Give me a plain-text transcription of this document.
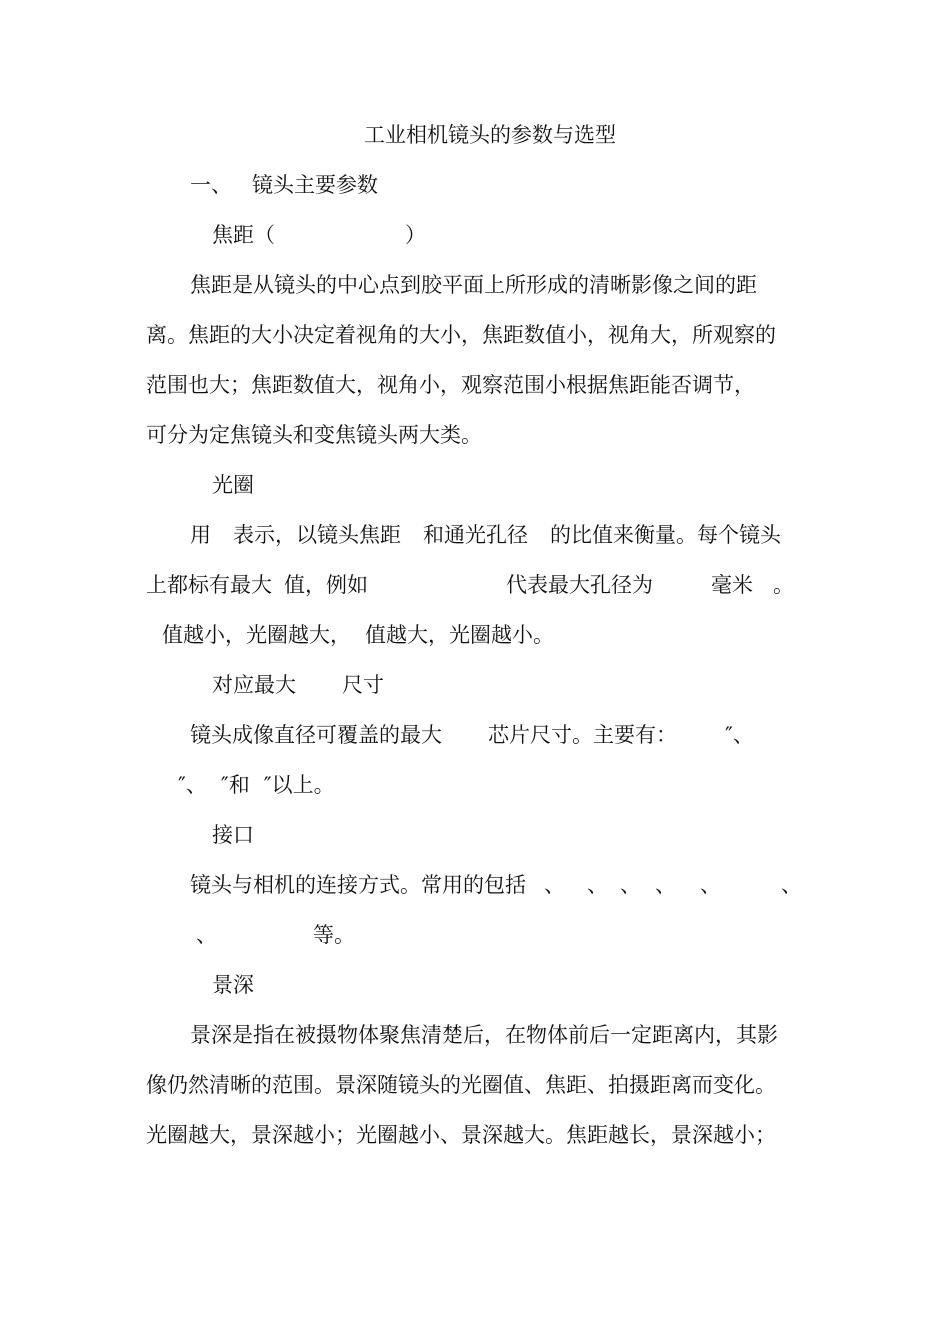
工业相机镜头的参数与选型
一、 镜头主要参数
焦距（	）
焦距是从镜头的中心点到胶平面上所形成的清晰影像之间的距
离。焦距的大小决定着视角的大小，焦距数值小，视角大，所观察的
范围也大；焦距数值大，视角小，观察范围小根据焦距能否调节，
可分为定焦镜头和变焦镜头两大类。
光圈
用 表示，以镜头焦距 和通光孔径 的比值来衡量。每个镜头
上都标有最大 值，例如	代表最大孔径为	毫米 。
值越小，光圈越大， 值越大，光圈越小。
对应最大 尺寸
镜头成像直径可覆盖的最大 芯片尺寸。主要有： ″、
″、 ″和 ″以上。
接口
镜头与相机的连接方式。常用的包括 、 、 、 、 、	、
、	等。
景深
景深是指在被摄物体聚焦清楚后，在物体前后一定距离内，其影
像仍然清晰的范围。景深随镜头的光圈值、焦距、拍摄距离而变化。
光圈越大，景深越小；光圈越小、景深越大。焦距越长，景深越小；
